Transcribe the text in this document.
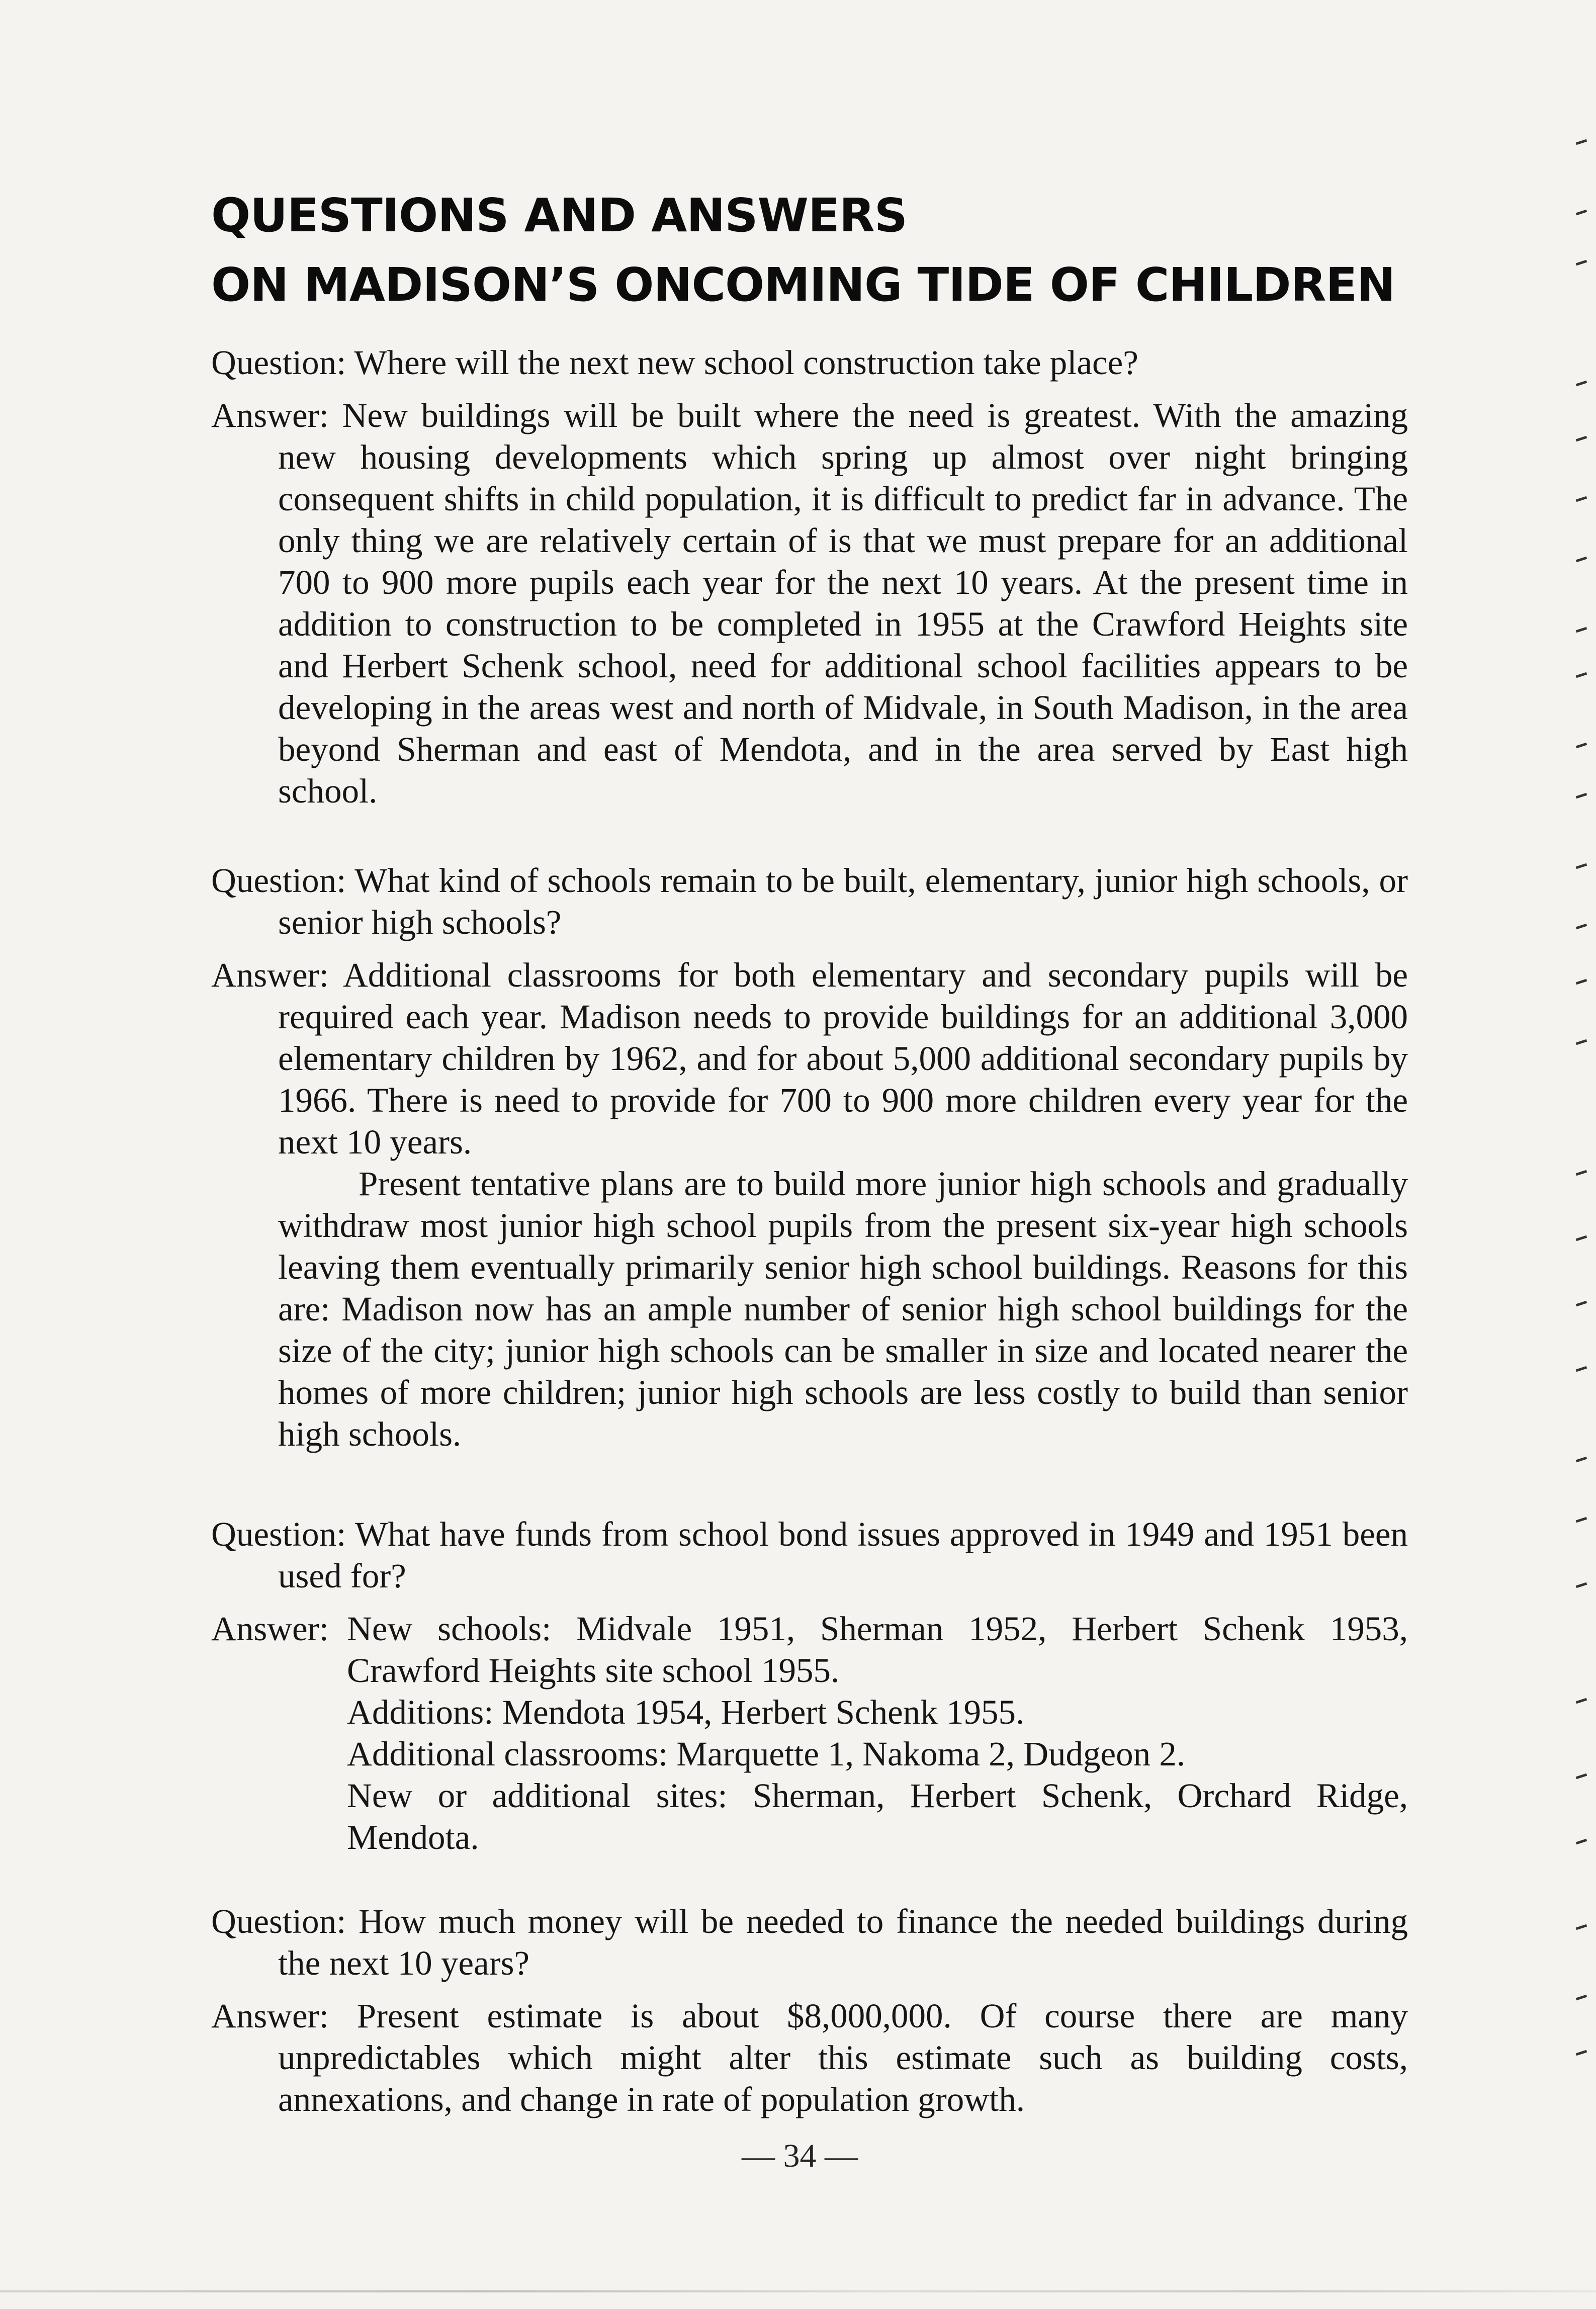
QUESTIONS AND ANSWERS
ON MADISON’S ONCOMING TIDE OF CHILDREN
Question: Where will the next new school construction take place?
Answer: New buildings will be built where the need is greatest. With the amazing new housing developments which spring up almost over night bringing consequent shifts in child population, it is difficult to predict far in advance. The only thing we are relatively certain of is that we must prepare for an additional 700 to 900 more pupils each year for the next 10 years. At the present time in addition to construction to be completed in 1955 at the Crawford Heights site and Herbert Schenk school, need for additional school facilities appears to be developing in the areas west and north of Midvale, in South Madison, in the area beyond Sherman and east of Mendota, and in the area served by East high school.
Question: What kind of schools remain to be built, elementary, junior high schools, or senior high schools?
Answer: Additional classrooms for both elementary and secondary pupils will be required each year. Madison needs to provide buildings for an additional 3,000 elementary children by 1962, and for about 5,000 additional secondary pupils by 1966. There is need to provide for 700 to 900 more children every year for the next 10 years.
Present tentative plans are to build more junior high schools and gradually withdraw most junior high school pupils from the present six-year high schools leaving them eventually primarily senior high school buildings. Reasons for this are: Madison now has an ample number of senior high school buildings for the size of the city; junior high schools can be smaller in size and located nearer the homes of more children; junior high schools are less costly to build than senior high schools.
Question: What have funds from school bond issues approved in 1949 and 1951 been used for?
Answer: New schools: Midvale 1951, Sherman 1952, Herbert Schenk 1953, Crawford Heights site school 1955.
Additions: Mendota 1954, Herbert Schenk 1955.
Additional classrooms: Marquette 1, Nakoma 2, Dudgeon 2.
New or additional sites: Sherman, Herbert Schenk, Orchard Ridge, Mendota.
Question: How much money will be needed to finance the needed buildings during the next 10 years?
Answer: Present estimate is about $8,000,000. Of course there are many unpredictables which might alter this estimate such as building costs, annexations, and change in rate of population growth.
— 34 —
